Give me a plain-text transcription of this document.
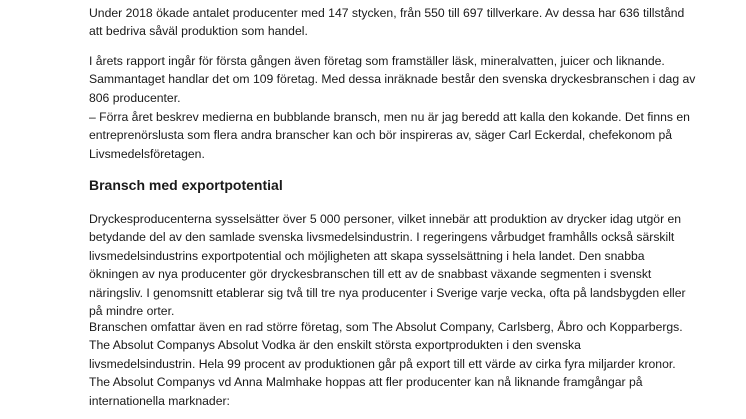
Under 2018 ökade antalet producenter med 147 stycken, från 550 till 697 tillverkare. Av dessa har 636 tillstånd
att bedriva såväl produktion som handel.

I årets rapport ingår för första gången även företag som framställer läsk, mineralvatten, juicer och liknande.
Sammantaget handlar det om 109 företag. Med dessa inräknade består den svenska dryckesbranschen i dag av
806 producenter.

– Förra året beskrev medierna en bubblande bransch, men nu är jag beredd att kalla den kokande. Det finns en
entreprenörslusta som flera andra branscher kan och bör inspireras av, säger Carl Eckerdal, chefekonom på
Livsmedelsföretagen.

Bransch med exportpotential

Dryckesproducenterna sysselsätter över 5 000 personer, vilket innebär att produktion av drycker idag utgör en
betydande del av den samlade svenska livsmedelsindustrin. I regeringens vårbudget framhålls också särskilt
livsmedelsindustrins exportpotential och möjligheten att skapa sysselsättning i hela landet. Den snabba
ökningen av nya producenter gör dryckesbranschen till ett av de snabbast växande segmenten i svenskt
näringsliv. I genomsnitt etablerar sig två till tre nya producenter i Sverige varje vecka, ofta på landsbygden eller
på mindre orter.

Branschen omfattar även en rad större företag, som The Absolut Company, Carlsberg, Åbro och Kopparbergs.
The Absolut Companys Absolut Vodka är den enskilt största exportprodukten i den svenska
livsmedelsindustrin. Hela 99 procent av produktionen går på export till ett värde av cirka fyra miljarder kronor.
The Absolut Companys vd Anna Malmhake hoppas att fler producenter kan nå liknande framgångar på
internationella marknader:
